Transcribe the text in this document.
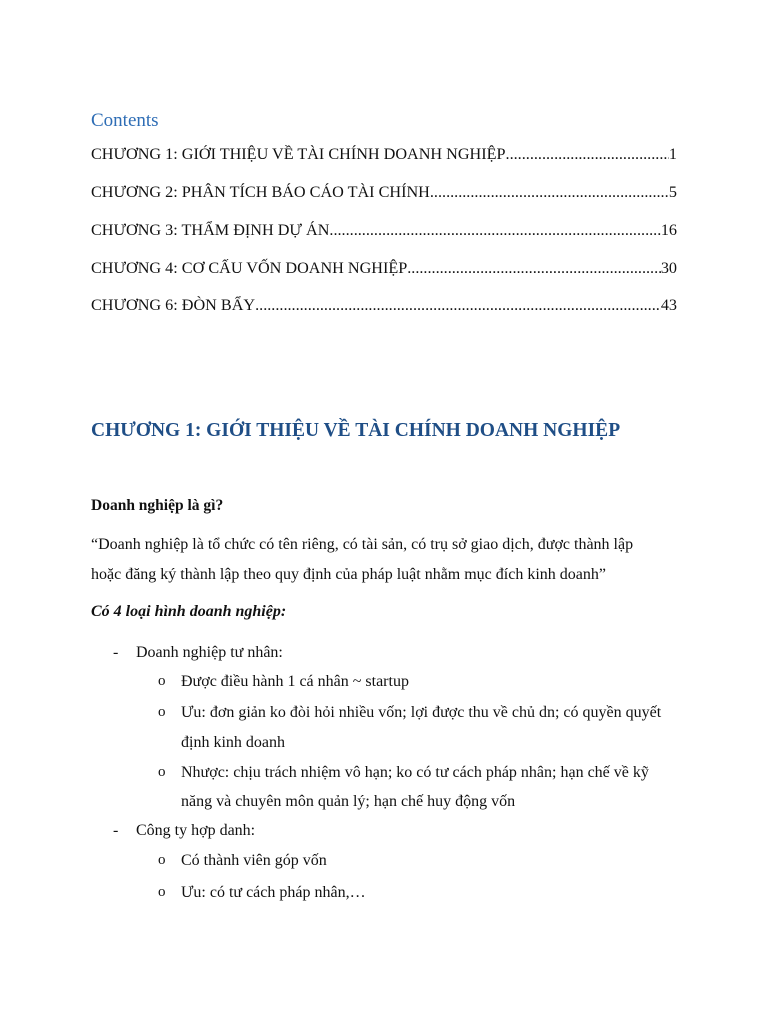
Contents
CHƯƠNG 1: GIỚI THIỆU VỀ TÀI CHÍNH DOANH NGHIỆP .....	1
CHƯƠNG 2: PHÂN TÍCH BÁO CÁO TÀI CHÍNH .....	5
CHƯƠNG 3: THẨM ĐỊNH DỰ ÁN .....	16
CHƯƠNG 4: CƠ CẤU VỐN DOANH NGHIỆP .....	30
CHƯƠNG 6: ĐÒN BẨY .....	43
CHƯƠNG 1: GIỚI THIỆU VỀ TÀI CHÍNH DOANH NGHIỆP
Doanh nghiệp là gì?
“Doanh nghiệp là tổ chức có tên riêng, có tài sản, có trụ sở giao dịch, được thành lập
hoặc đăng ký thành lập theo quy định của pháp luật nhằm mục đích kinh doanh”
Có 4 loại hình doanh nghiệp:
- Doanh nghiệp tư nhân:
o Được điều hành 1 cá nhân ~ startup
o Ưu: đơn giản ko đòi hỏi nhiều vốn; lợi được thu về chủ dn; có quyền quyết
định kinh doanh
o Nhược: chịu trách nhiệm vô hạn; ko có tư cách pháp nhân; hạn chế về kỹ
năng và chuyên môn quản lý; hạn chế huy động vốn
- Công ty hợp danh:
o Có thành viên góp vốn
o Ưu: có tư cách pháp nhân,…
